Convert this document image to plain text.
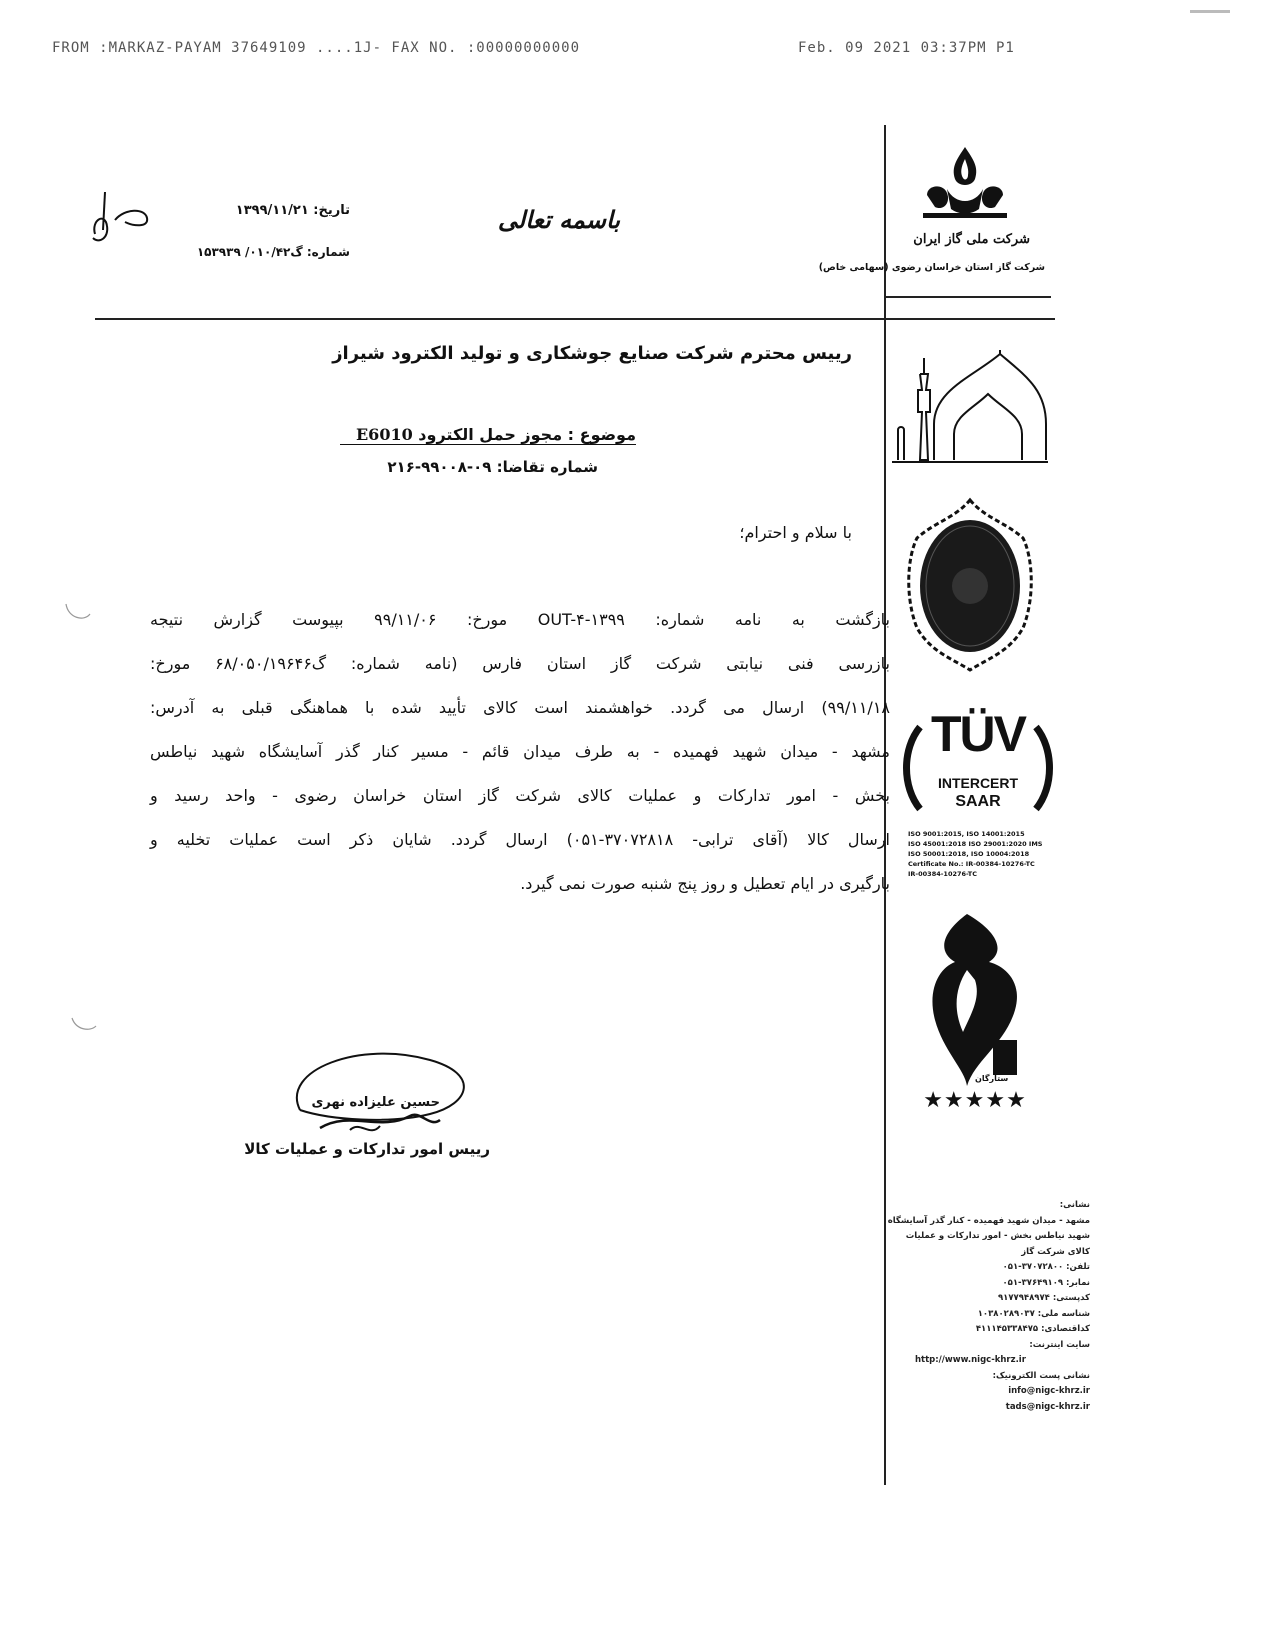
FROM :MARKAZ-PAYAM 37649109 ....1J- FAX NO. :00000000000	Feb. 09 2021 03:37PM P1
شرکت ملی گاز ایران
شرکت گاز استان خراسان رضوی (سهامی خاص)
TÜV
INTERCERT
SAAR
ISO 9001:2015, ISO 14001:2015
ISO 45001:2018 ISO 29001:2020 IMS
ISO 50001:2018, ISO 10004:2018
Certificate No.: IR-00384-10276-TC
IR-00384-10276-TC
ستارگان
★★★★★
باسمه تعالی
تاریخ: ۱۳۹۹/۱۱/۲۱
شماره: گ۰۱۰/۴۲/ ۱۵۳۹۳۹
رییس محترم شرکت صنایع جوشکاری و تولید الکترود شیراز
موضوع : مجوز حمل الکترود E6010
شماره تقاضا: ۰۹-۹۹۰۰۸-۲۱۶
با سلام و احترام؛

بازگشت به نامه شماره: ۱۳۹۹-OUT-۴ مورخ: ۹۹/۱۱/۰۶ بپیوست گزارش نتیجه

بازرسی فنی نیابتی شرکت گاز استان فارس (نامه شماره: گ۶۸/۰۵۰/۱۹۶۴۶ مورخ:

۹۹/۱۱/۱۸) ارسال می گردد. خواهشمند است کالای تأیید شده با هماهنگی قبلی به آدرس:

مشهد - میدان شهید فهمیده - به طرف میدان قائم - مسیر کنار گذر آسایشگاه شهید نیاطس

بخش - امور تدارکات و عملیات کالای شرکت گاز استان خراسان رضوی - واحد رسید و

ارسال کالا (آقای ترابی- ۳۷۰۷۲۸۱۸-۰۵۱) ارسال گردد. شایان ذکر است عملیات تخلیه و

بارگیری در ایام تعطیل و روز پنج شنبه صورت نمی گیرد.

حسین علیزاده نهری
رییس امور تدارکات و عملیات کالا
نشانی:
مشهد - میدان شهید فهمیده - کنار گذر آسایشگاه
شهید نیاطس بخش - امور تدارکات و عملیات
کالای شرکت گاز
تلفن: ۳۷۰۷۲۸۰۰-۰۵۱
نمابر: ۳۷۶۴۹۱۰۹-۰۵۱
کدپستی: ۹۱۷۷۹۴۸۹۷۴
شناسه ملی: ۱۰۳۸۰۲۸۹۰۳۷
کداقتصادی: ۴۱۱۱۴۵۳۳۸۴۷۵
سایت اینترنت:
http://www.nigc-khrz.ir
نشانی پست الکترونیک:
info@nigc-khrz.ir
tads@nigc-khrz.ir
